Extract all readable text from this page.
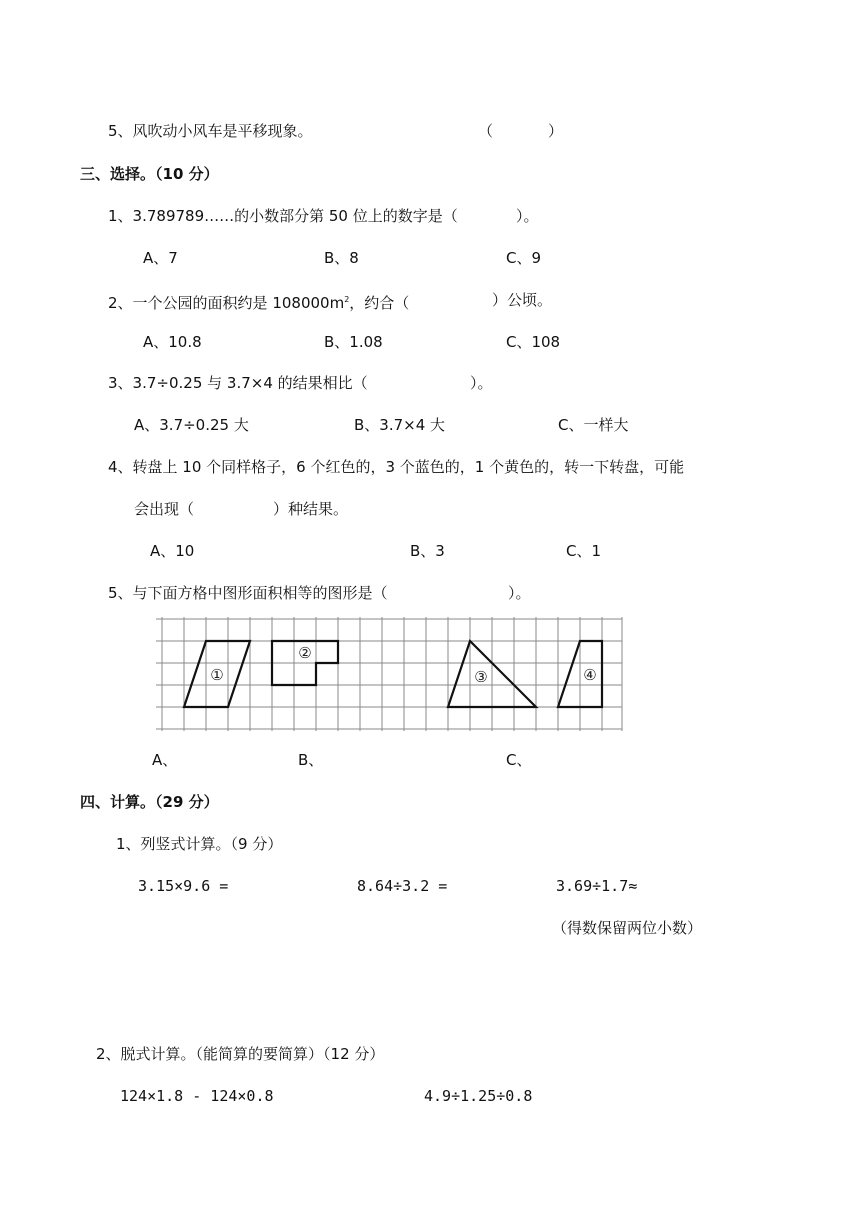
5、风吹动小风车是平移现象。	（	）
三、选择。（10 分）
1、3.789789……的小数部分第 50 位上的数字是（	）。
A、7	B、8	C、9
2、一个公园的面积约是 $108000m^2$，约合（	）公顷。
A、10.8	B、1.08	C、108
3、3.7÷0.25 与 3.7×4 的结果相比（	）。
A、3.7÷0.25 大	B、3.7×4 大	C、一样大
4、转盘上 10 个同样格子，6 个红色的，3 个蓝色的，1 个黄色的，转一下转盘，可能
会出现（	）种结果。
A、10	B、3	C、1
5、与下面方格中图形面积相等的图形是（	）。
①
②
③	④
A、	B、	C、
四、计算。（29 分）
1、列竖式计算。（9 分）
3.15×9.6 =	8.64÷3.2 =	3.69÷1.7≈
（得数保留两位小数）
2、脱式计算。（能简算的要简算）（12 分）
124×1.8 - 124×0.8	4.9÷1.25÷0.8
